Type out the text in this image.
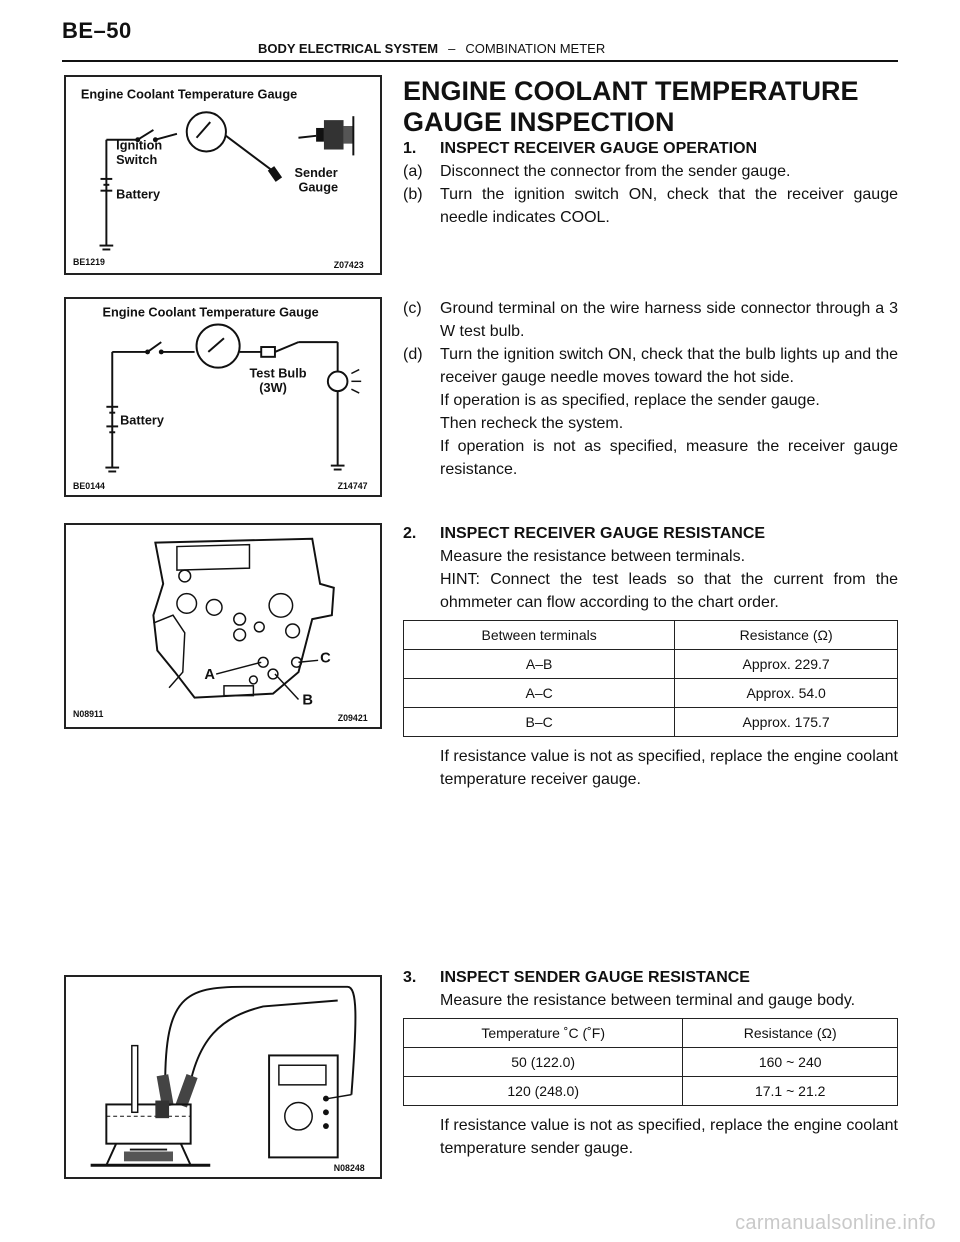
BE–50
BODY ELECTRICAL SYSTEM – COMBINATION METER
Engine Coolant Temperature Gauge
Ignition
Switch
Battery
Sender
Gauge
BE1219	Z07423
Engine Coolant Temperature Gauge
Test Bulb
(3W)
Battery
BE0144	Z14747
A
B
C
N08911	Z09421
N08248
ENGINE COOLANT TEMPERATURE GAUGE INSPECTION
1.	INSPECT RECEIVER GAUGE OPERATION
(a)	Disconnect the connector from the sender gauge.
(b)	Turn the ignition switch ON, check that the receiver gauge needle indicates COOL.
(c)	Ground terminal on the wire harness side connector through a 3 W test bulb.
(d)	Turn the ignition switch ON, check that the bulb lights up and the receiver gauge needle moves toward the hot side.
If operation is as specified, replace the sender gauge.
Then recheck the system.
If operation is not as specified, measure the receiver gauge resistance.
2.	INSPECT RECEIVER GAUGE RESISTANCE
Measure the resistance between terminals.
HINT: Connect the test leads so that the current from the ohmmeter can flow according to the chart order.
Between terminals	Resistance (Ω)
A–B	Approx. 229.7
A–C	Approx. 54.0
B–C	Approx. 175.7
If resistance value is not as specified, replace the engine coolant temperature receiver gauge.
3.	INSPECT SENDER GAUGE RESISTANCE
Measure the resistance between terminal and gauge body.
Temperature ˚C (˚F)	Resistance (Ω)
50 (122.0)	160 ~ 240
120 (248.0)	17.1 ~ 21.2
If resistance value is not as specified, replace the engine coolant temperature sender gauge.
carmanualsonline.info
